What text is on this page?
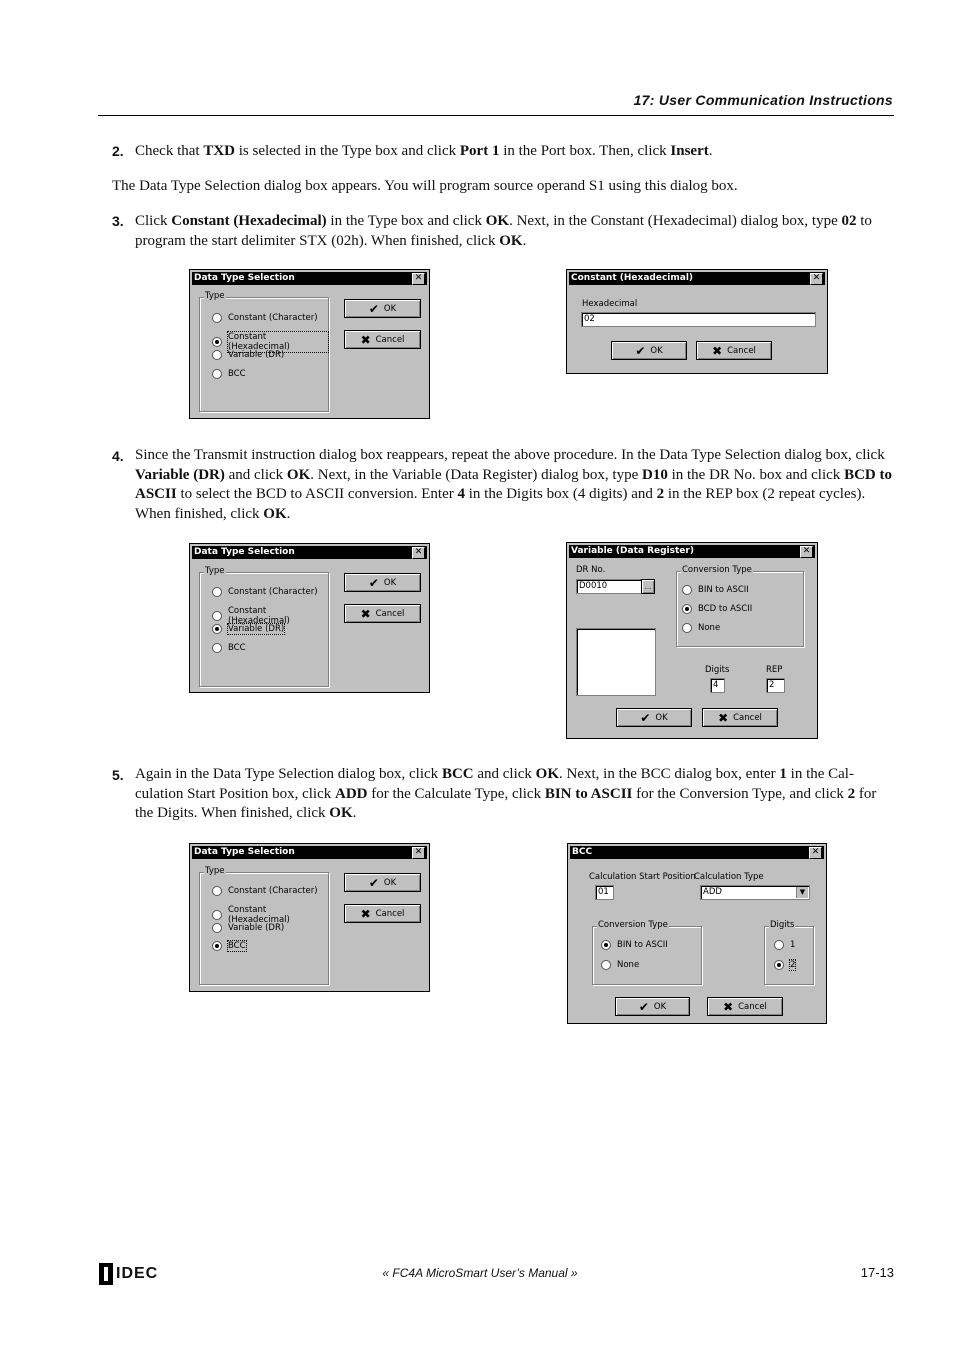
17: User Communication Instructions
2. Check that TXD is selected in the Type box and click Port 1 in the Port box. Then, click Insert.
The Data Type Selection dialog box appears. You will program source operand S1 using this dialog box.
3. Click Constant (Hexadecimal) in the Type box and click OK. Next, in the Constant (Hexadecimal) dialog box, type 02 to program the start delimiter STX (02h). When finished, click OK.
Data Type Selection	✕
Type
Constant (Character)
Constant (Hexadecimal)
Variable (DR)
BCC
✔ OK
✖ Cancel
Constant (Hexadecimal)	✕
Hexadecimal
02
✔ OK	✖ Cancel
4. Since the Transmit instruction dialog box reappears, repeat the above procedure. In the Data Type Selection dialog box, click Variable (DR) and click OK. Next, in the Variable (Data Register) dialog box, type D10 in the DR No. box and click BCD to ASCII to select the BCD to ASCII conversion. Enter 4 in the Digits box (4 digits) and 2 in the REP box (2 repeat cycles). When finished, click OK.
Data Type Selection	✕
Type
Constant (Character)
Constant (Hexadecimal)
Variable (DR)
BCC
✔ OK
✖ Cancel
Variable (Data Register)	✕
DR No.
D0010	...
Conversion Type
BIN to ASCII
BCD to ASCII
None
Digits
4
REP
2
✔ OK	✖ Cancel
5. Again in the Data Type Selection dialog box, click BCC and click OK. Next, in the BCC dialog box, enter 1 in the Cal-culation Start Position box, click ADD for the Calculate Type, click BIN to ASCII for the Conversion Type, and click 2 for the Digits. When finished, click OK.
Data Type Selection	✕
Type
Constant (Character)
Constant (Hexadecimal)
Variable (DR)
BCC
✔ OK
✖ Cancel
BCC	✕
Calculation Start Position
01
Calculation Type
ADD	▼
Conversion Type
BIN to ASCII
None
Digits
1
2
✔ OK	✖ Cancel
IDEC	« FC4A MicroSmart User’s Manual »	17-13
